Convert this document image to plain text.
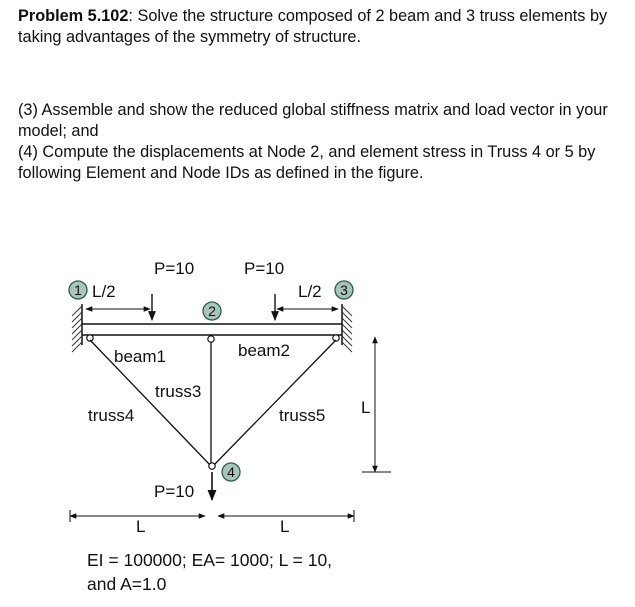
Problem 5.102: Solve the structure composed of 2 beam and 3 truss elements by taking advantages of the symmetry of structure.
(3) Assemble and show the reduced global stiffness matrix and load vector in your model; and
(4) Compute the displacements at Node 2, and element stress in Truss 4 or 5 by following Element and Node IDs as defined in the figure.
1
2
3
4
P=10	P=10
L/2	L/2
beam1	beam2
truss3
truss4	truss5 L
P=10
L	L
EI = 100000; EA= 1000; L = 10,
and A=1.0
